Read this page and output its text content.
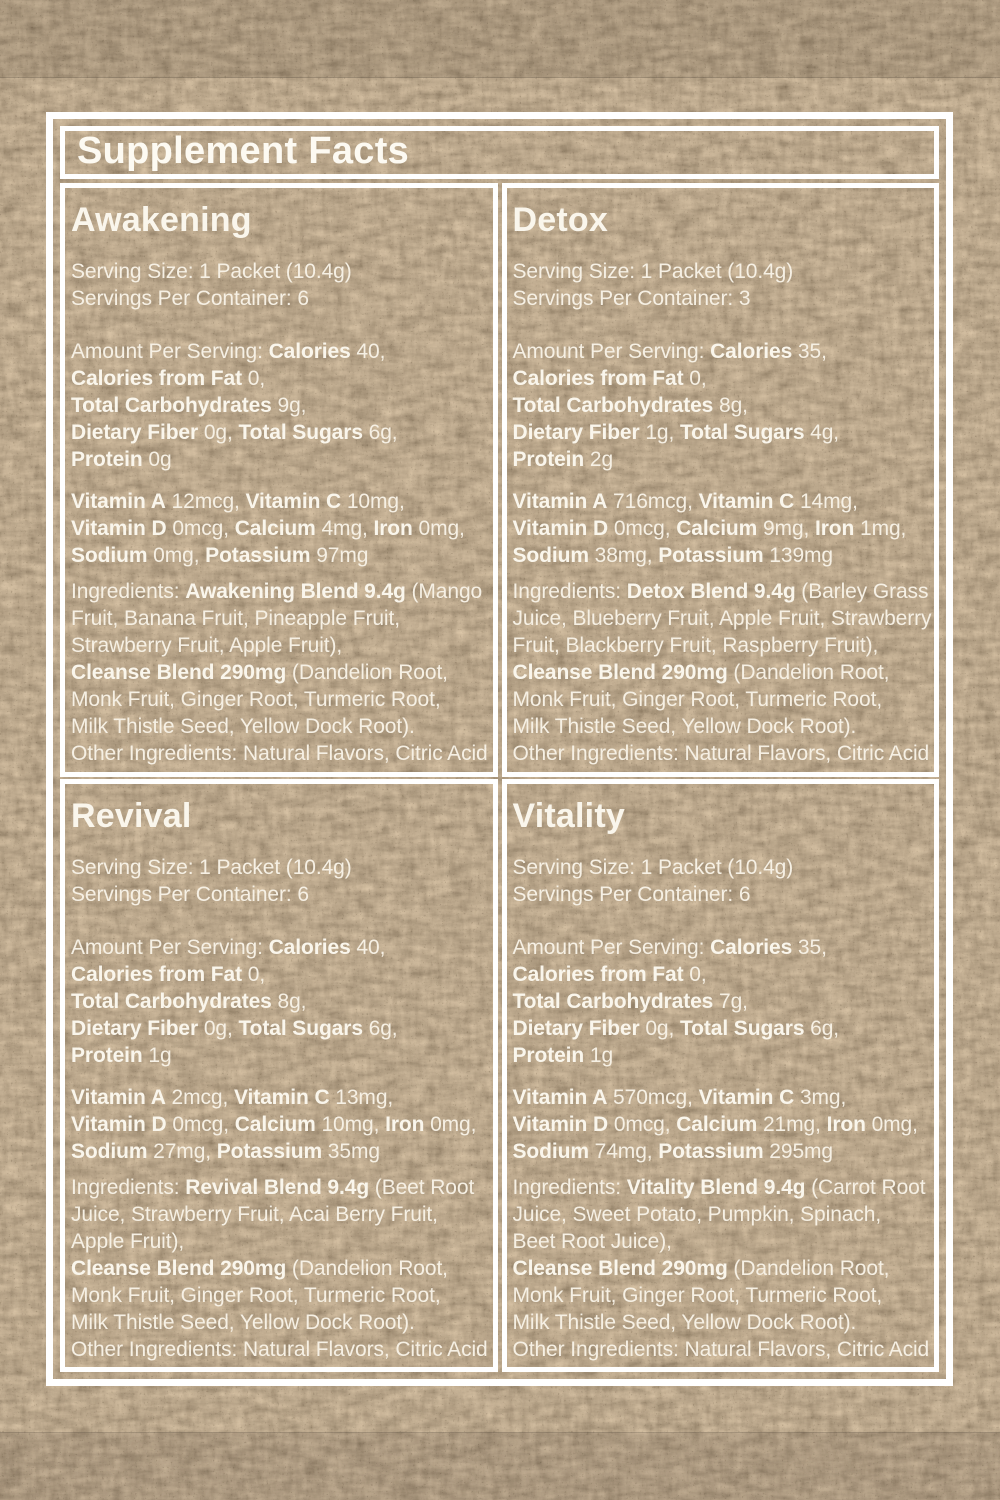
Supplement Facts
Awakening
Serving Size: 1 Packet (10.4g)
Servings Per Container: 6
Amount Per Serving: Calories 40,
Calories from Fat 0,
Total Carbohydrates 9g,
Dietary Fiber 0g, Total Sugars 6g,
Protein 0g
Vitamin A 12mcg, Vitamin C 10mg,
Vitamin D 0mcg, Calcium 4mg, Iron 0mg,
Sodium 0mg, Potassium 97mg
Ingredients: Awakening Blend 9.4g (Mango
Fruit, Banana Fruit, Pineapple Fruit,
Strawberry Fruit, Apple Fruit),
Cleanse Blend 290mg (Dandelion Root,
Monk Fruit, Ginger Root, Turmeric Root,
Milk Thistle Seed, Yellow Dock Root).
Other Ingredients: Natural Flavors, Citric Acid
Detox
Serving Size: 1 Packet (10.4g)
Servings Per Container: 3
Amount Per Serving: Calories 35,
Calories from Fat 0,
Total Carbohydrates 8g,
Dietary Fiber 1g, Total Sugars 4g,
Protein 2g
Vitamin A 716mcg, Vitamin C 14mg,
Vitamin D 0mcg, Calcium 9mg, Iron 1mg,
Sodium 38mg, Potassium 139mg
Ingredients: Detox Blend 9.4g (Barley Grass
Juice, Blueberry Fruit, Apple Fruit, Strawberry
Fruit, Blackberry Fruit, Raspberry Fruit),
Cleanse Blend 290mg (Dandelion Root,
Monk Fruit, Ginger Root, Turmeric Root,
Milk Thistle Seed, Yellow Dock Root).
Other Ingredients: Natural Flavors, Citric Acid
Revival
Serving Size: 1 Packet (10.4g)
Servings Per Container: 6
Amount Per Serving: Calories 40,
Calories from Fat 0,
Total Carbohydrates 8g,
Dietary Fiber 0g, Total Sugars 6g,
Protein 1g
Vitamin A 2mcg, Vitamin C 13mg,
Vitamin D 0mcg, Calcium 10mg, Iron 0mg,
Sodium 27mg, Potassium 35mg
Ingredients: Revival Blend 9.4g (Beet Root
Juice, Strawberry Fruit, Acai Berry Fruit,
Apple Fruit),
Cleanse Blend 290mg (Dandelion Root,
Monk Fruit, Ginger Root, Turmeric Root,
Milk Thistle Seed, Yellow Dock Root).
Other Ingredients: Natural Flavors, Citric Acid
Vitality
Serving Size: 1 Packet (10.4g)
Servings Per Container: 6
Amount Per Serving: Calories 35,
Calories from Fat 0,
Total Carbohydrates 7g,
Dietary Fiber 0g, Total Sugars 6g,
Protein 1g
Vitamin A 570mcg, Vitamin C 3mg,
Vitamin D 0mcg, Calcium 21mg, Iron 0mg,
Sodium 74mg, Potassium 295mg
Ingredients: Vitality Blend 9.4g (Carrot Root
Juice, Sweet Potato, Pumpkin, Spinach,
Beet Root Juice),
Cleanse Blend 290mg (Dandelion Root,
Monk Fruit, Ginger Root, Turmeric Root,
Milk Thistle Seed, Yellow Dock Root).
Other Ingredients: Natural Flavors, Citric Acid
